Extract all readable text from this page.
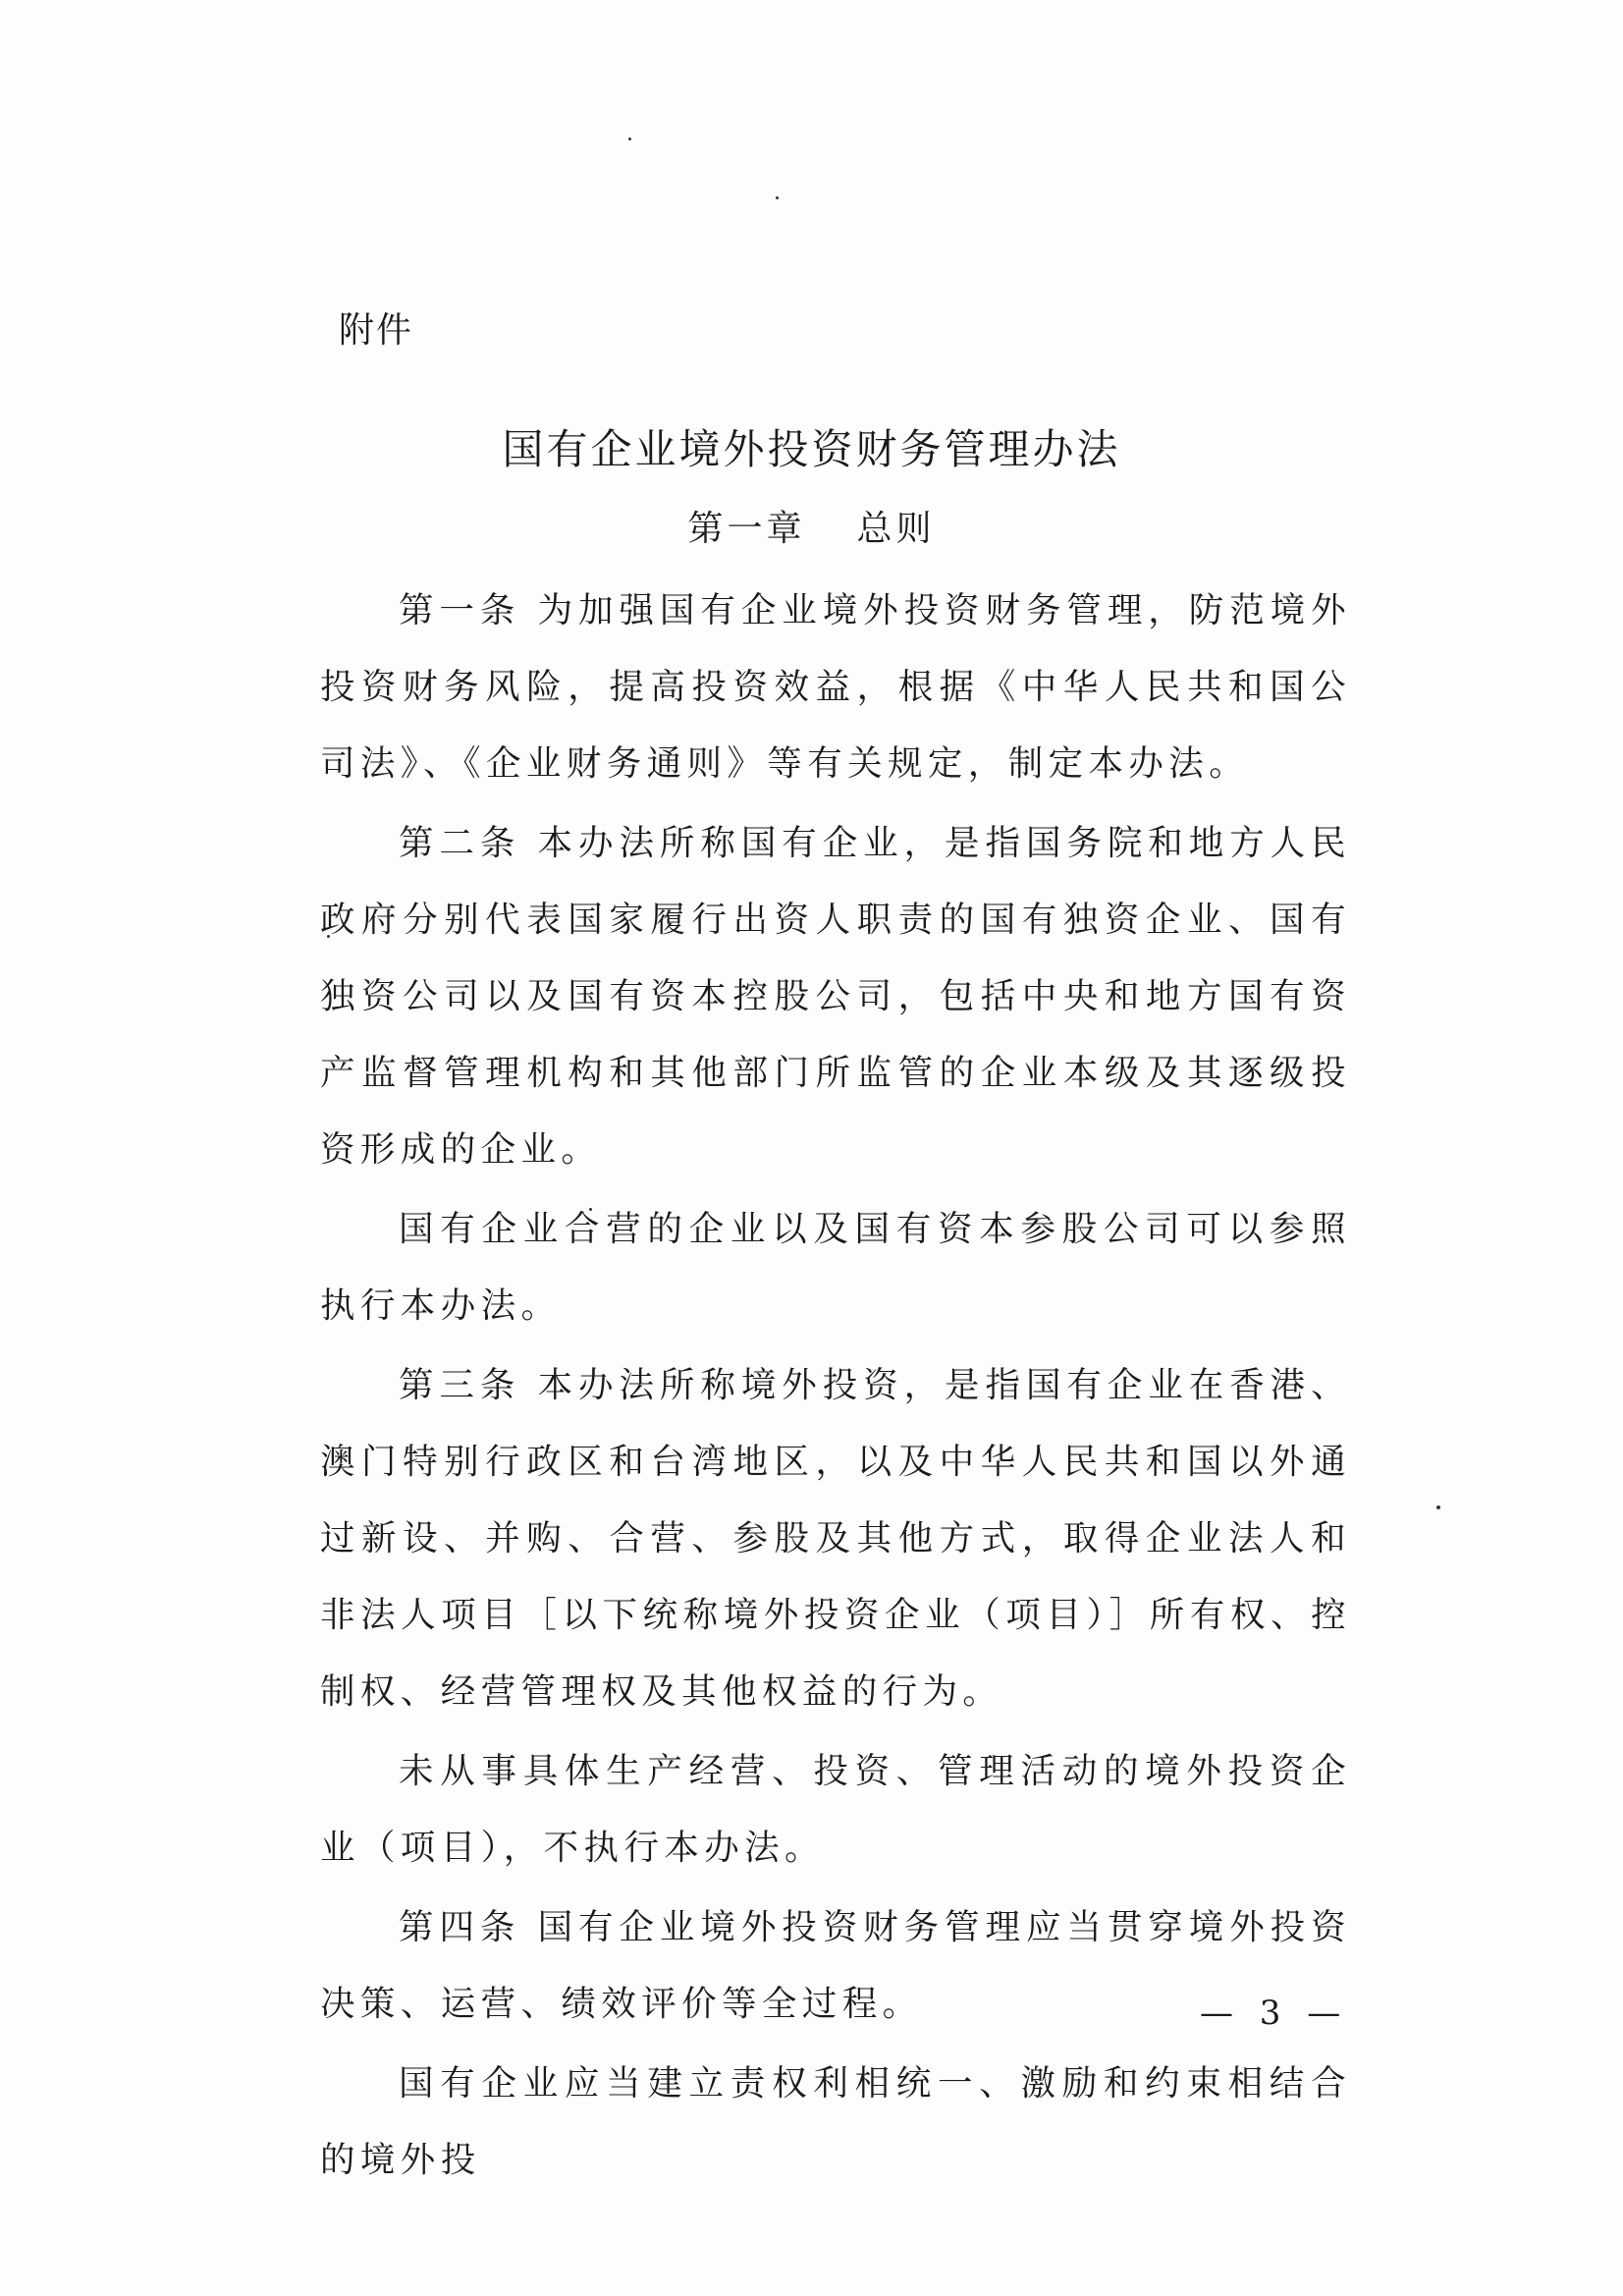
附件
国有企业境外投资财务管理办法
第一章 总则

第一条 为加强国有企业境外投资财务管理，防范境外投资财务风险，提高投资效益，根据《中华人民共和国公司法》、《企业财务通则》等有关规定，制定本办法。

第二条 本办法所称国有企业，是指国务院和地方人民政府分别代表国家履行出资人职责的国有独资企业、国有独资公司以及国有资本控股公司，包括中央和地方国有资产监督管理机构和其他部门所监管的企业本级及其逐级投资形成的企业。

国有企业合营的企业以及国有资本参股公司可以参照执行本办法。

第三条 本办法所称境外投资，是指国有企业在香港、澳门特别行政区和台湾地区，以及中华人民共和国以外通过新设、并购、合营、参股及其他方式，取得企业法人和非法人项目［以下统称境外投资企业（项目）］所有权、控制权、经营管理权及其他权益的行为。

未从事具体生产经营、投资、管理活动的境外投资企业（项目），不执行本办法。

第四条 国有企业境外投资财务管理应当贯穿境外投资决策、运营、绩效评价等全过程。

国有企业应当建立责权利相统一、激励和约束相结合的境外投

— 3 —
